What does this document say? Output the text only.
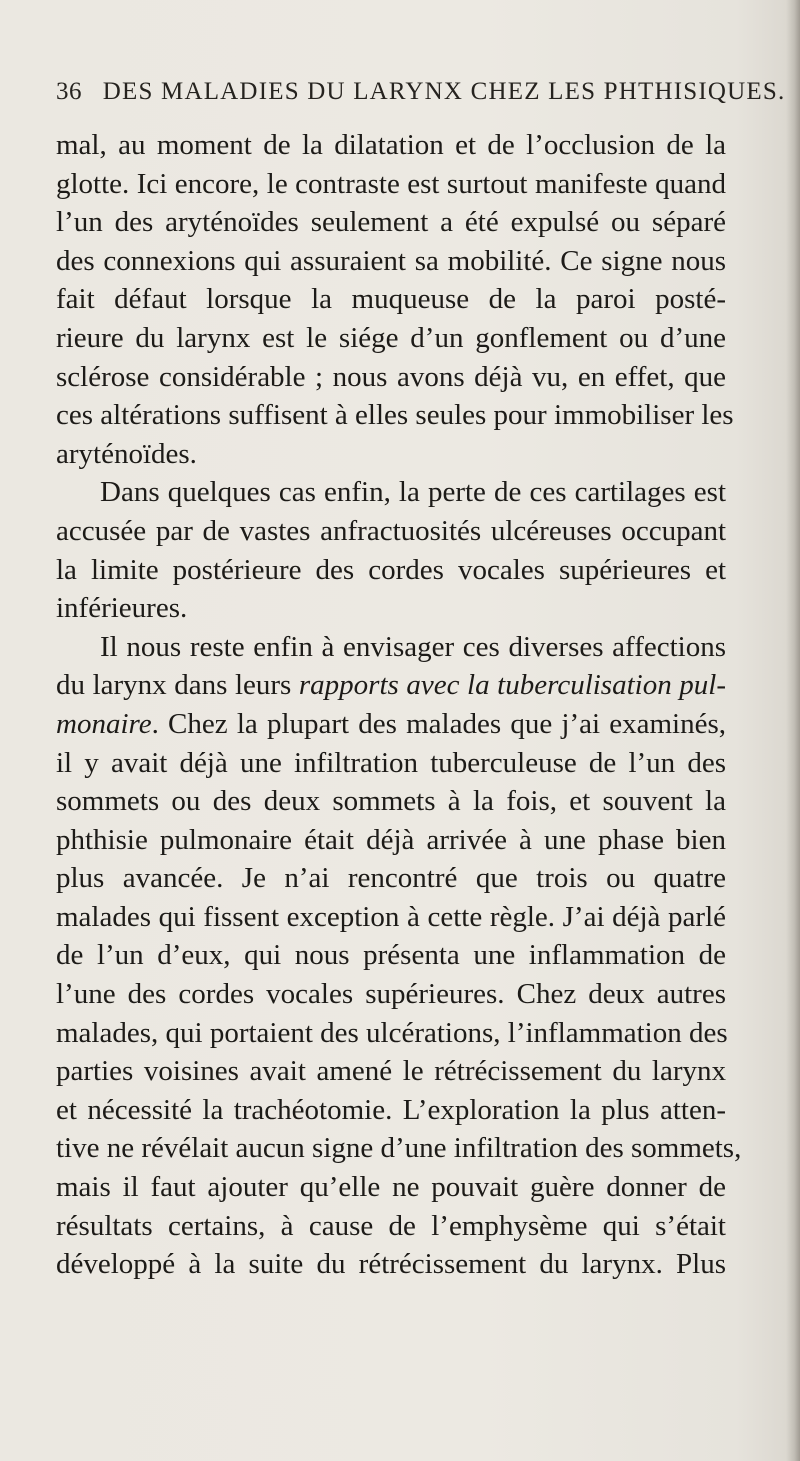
36 DES MALADIES DU LARYNX CHEZ LES PHTHISIQUES.
mal, au moment de la dilatation et de l’occlusion de la
glotte. Ici encore, le contraste est surtout manifeste quand
l’un des aryténoïdes seulement a été expulsé ou séparé
des connexions qui assuraient sa mobilité. Ce signe nous
fait défaut lorsque la muqueuse de la paroi posté-
rieure du larynx est le siége d’un gonflement ou d’une
sclérose considérable ; nous avons déjà vu, en effet, que
ces altérations suffisent à elles seules pour immobiliser les
aryténoïdes.
Dans quelques cas enfin, la perte de ces cartilages est
accusée par de vastes anfractuosités ulcéreuses occupant
la limite postérieure des cordes vocales supérieures et
inférieures.
Il nous reste enfin à envisager ces diverses affections
du larynx dans leurs rapports avec la tuberculisation pul-
monaire. Chez la plupart des malades que j’ai examinés,
il y avait déjà une infiltration tuberculeuse de l’un des
sommets ou des deux sommets à la fois, et souvent la
phthisie pulmonaire était déjà arrivée à une phase bien
plus avancée. Je n’ai rencontré que trois ou quatre
malades qui fissent exception à cette règle. J’ai déjà parlé
de l’un d’eux, qui nous présenta une inflammation de
l’une des cordes vocales supérieures. Chez deux autres
malades, qui portaient des ulcérations, l’inflammation des
parties voisines avait amené le rétrécissement du larynx
et nécessité la trachéotomie. L’exploration la plus atten-
tive ne révélait aucun signe d’une infiltration des sommets,
mais il faut ajouter qu’elle ne pouvait guère donner de
résultats certains, à cause de l’emphysème qui s’était
développé à la suite du rétrécissement du larynx. Plus
